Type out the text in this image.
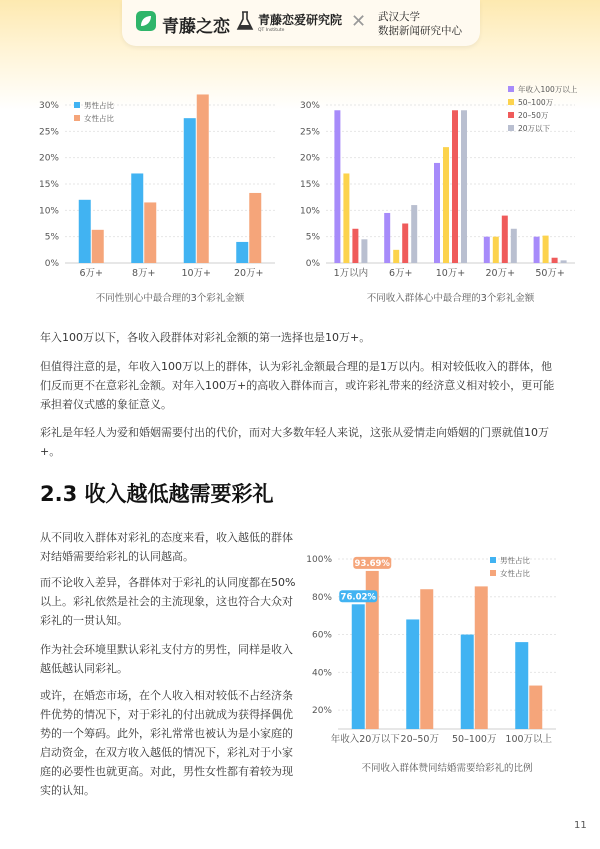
青藤之恋 青藤恋爱研究院
QT Institute	✕ 武汉大学
数据新闻研究中心
0%
5%
10%
15%
20%
25%
30%
6万+	8万+	10万+ 20万+
男性占比
女性占比
不同性别心中最合理的3个彩礼金额
0%
5%
10%
15%
20%
25%
30%
1万以内 6万+ 10万+ 20万+ 50万+
年收入100万以上
50–100万
20–50万
20万以下
不同收入群体心中最合理的3个彩礼金额
20%
40%
60%
80%
100%
年收入20万以下 20–50万 50–100万 100万以上
男性占比
女性占比
不同收入群体赞同结婚需要给彩礼的比例
76.02%
93.69%

年入100万以下，各收入段群体对彩礼金额的第一选择也是10万+。

但值得注意的是，年收入100万以上的群体，认为彩礼金额最合理的是1万以内。相对较低收入的群体，他们反而更不在意彩礼金额。对年入100万+的高收入群体而言，或许彩礼带来的经济意义相对较小，更可能承担着仪式感的象征意义。

彩礼是年轻人为爱和婚姻需要付出的代价，而对大多数年轻人来说，这张从爱情走向婚姻的门票就值10万+。

2.3 收入越低越需要彩礼

从不同收入群体对彩礼的态度来看，收入越低的群体对结婚需要给彩礼的认同越高。

而不论收入差异，各群体对于彩礼的认同度都在50%以上。彩礼依然是社会的主流现象，这也符合大众对彩礼的一贯认知。

作为社会环境里默认彩礼支付方的男性，同样是收入越低越认同彩礼。

或许，在婚恋市场，在个人收入相对较低不占经济条件优势的情况下，对于彩礼的付出就成为获得择偶优势的一个筹码。此外，彩礼常常也被认为是小家庭的启动资金，在双方收入越低的情况下，彩礼对于小家庭的必要性也就更高。对此，男性女性都有着较为现实的认知。

11
